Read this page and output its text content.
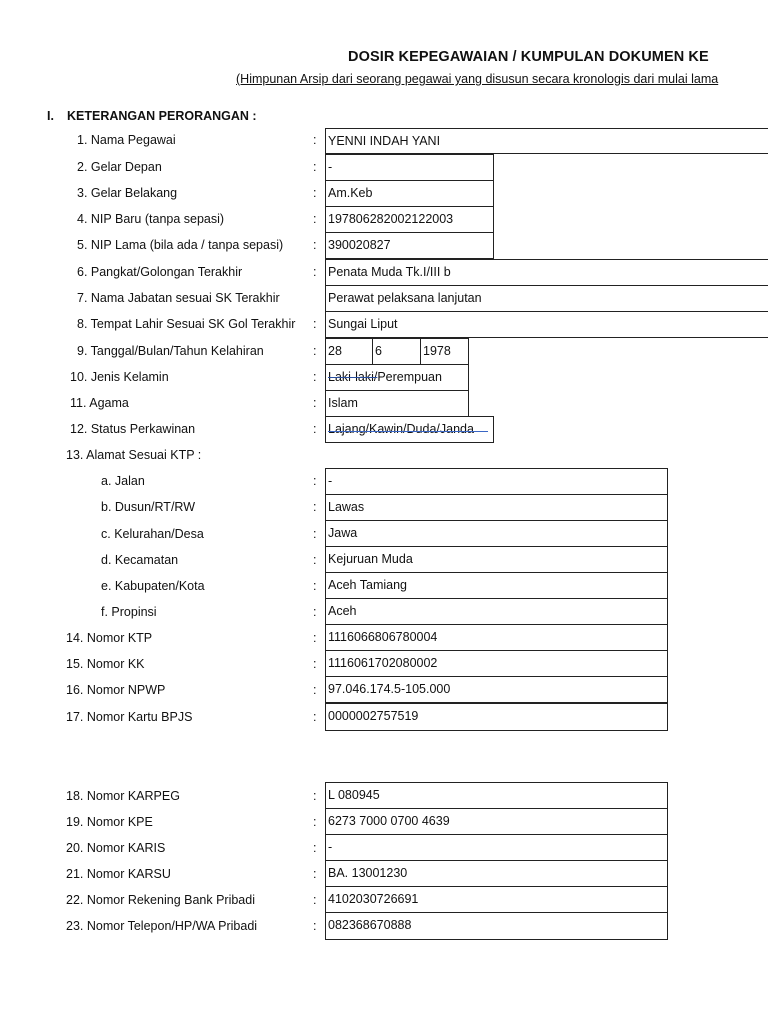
DOSIR KEPEGAWAIAN / KUMPULAN DOKUMEN KE
(Himpunan Arsip dari seorang pegawai yang disusun secara kronologis dari mulai lama
I. KETERANGAN PERORANGAN :
1. Nama Pegawai	: YENNI INDAH YANI
2. Gelar Depan	: -
3. Gelar Belakang	: Am.Keb
4. NIP Baru (tanpa sepasi)	: 197806282002122003
5. NIP Lama (bila ada / tanpa sepasi) : 390020827
6. Pangkat/Golongan Terakhir	: Penata Muda Tk.I/III b
7. Nama Jabatan sesuai SK Terakhir	Perawat pelaksana lanjutan
8. Tempat Lahir Sesuai SK Gol Terakhir : Sungai Liput
9. Tanggal/Bulan/Tahun Kelahiran	: 28	6	1978
10. Jenis Kelamin	: Laki-laki/Perempuan
11. Agama	: Islam
12. Status Perkawinan	: Lajang/Kawin/Duda/Janda
13. Alamat Sesuai KTP :
a. Jalan	: -
b. Dusun/RT/RW	: Lawas
c. Kelurahan/Desa	: Jawa
d. Kecamatan	: Kejuruan Muda
e. Kabupaten/Kota	: Aceh Tamiang
f. Propinsi	: Aceh
14. Nomor KTP	: 1116066806780004
15. Nomor KK	: 1116061702080002
16. Nomor NPWP	: 97.046.174.5-105.000
17. Nomor Kartu BPJS	: 0000002757519
18. Nomor KARPEG	: L 080945
19. Nomor KPE	: 6273 7000 0700 4639
20. Nomor KARIS	: -
21. Nomor KARSU	: BA. 13001230
22. Nomor Rekening Bank Pribadi	: 4102030726691
23. Nomor Telepon/HP/WA Pribadi	: 082368670888
